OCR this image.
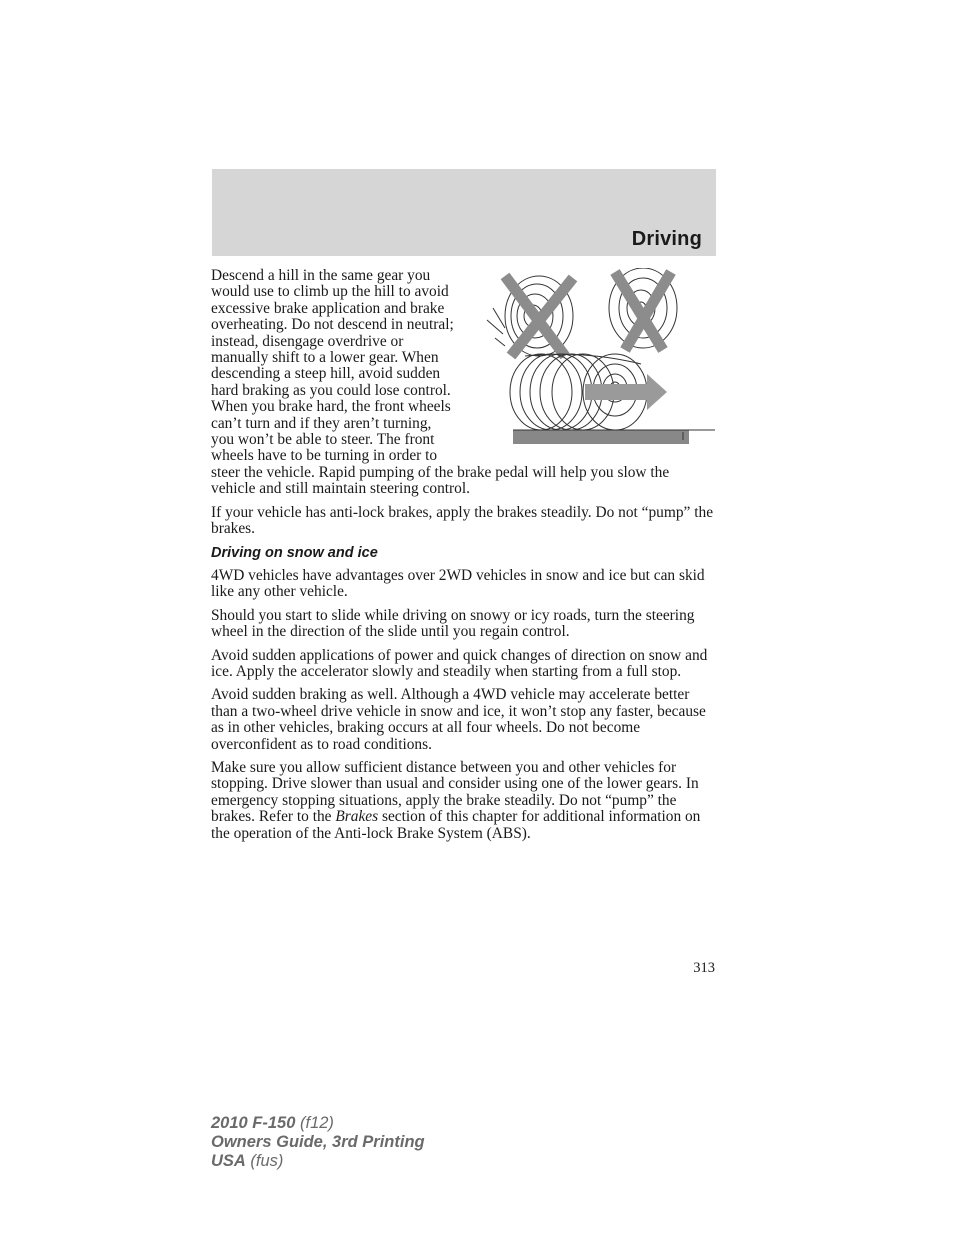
Driving

Descend a hill in the same gear you would use to climb up the hill to avoid excessive brake application and brake overheating. Do not descend in neutral; instead, disengage overdrive or manually shift to a lower gear. When descending a steep hill, avoid sudden hard braking as you could lose control. When you brake hard, the front wheels can’t turn and if they aren’t turning, you won’t be able to steer. The front wheels have to be turning in order to steer the vehicle. Rapid pumping of the brake pedal will help you slow the vehicle and still maintain steering control.

If your vehicle has anti-lock brakes, apply the brakes steadily. Do not “pump” the brakes.

Driving on snow and ice

4WD vehicles have advantages over 2WD vehicles in snow and ice but can skid like any other vehicle.

Should you start to slide while driving on snowy or icy roads, turn the steering wheel in the direction of the slide until you regain control.

Avoid sudden applications of power and quick changes of direction on snow and ice. Apply the accelerator slowly and steadily when starting from a full stop.

Avoid sudden braking as well. Although a 4WD vehicle may accelerate better than a two-wheel drive vehicle in snow and ice, it won’t stop any faster, because as in other vehicles, braking occurs at all four wheels. Do not become overconfident as to road conditions.

Make sure you allow sufficient distance between you and other vehicles for stopping. Drive slower than usual and consider using one of the lower gears. In emergency stopping situations, apply the brake steadily. Do not “pump” the brakes. Refer to the Brakes section of this chapter for additional information on the operation of the Anti-lock Brake System (ABS).

313
2010 F-150 (f12)
Owners Guide, 3rd Printing
USA (fus)
